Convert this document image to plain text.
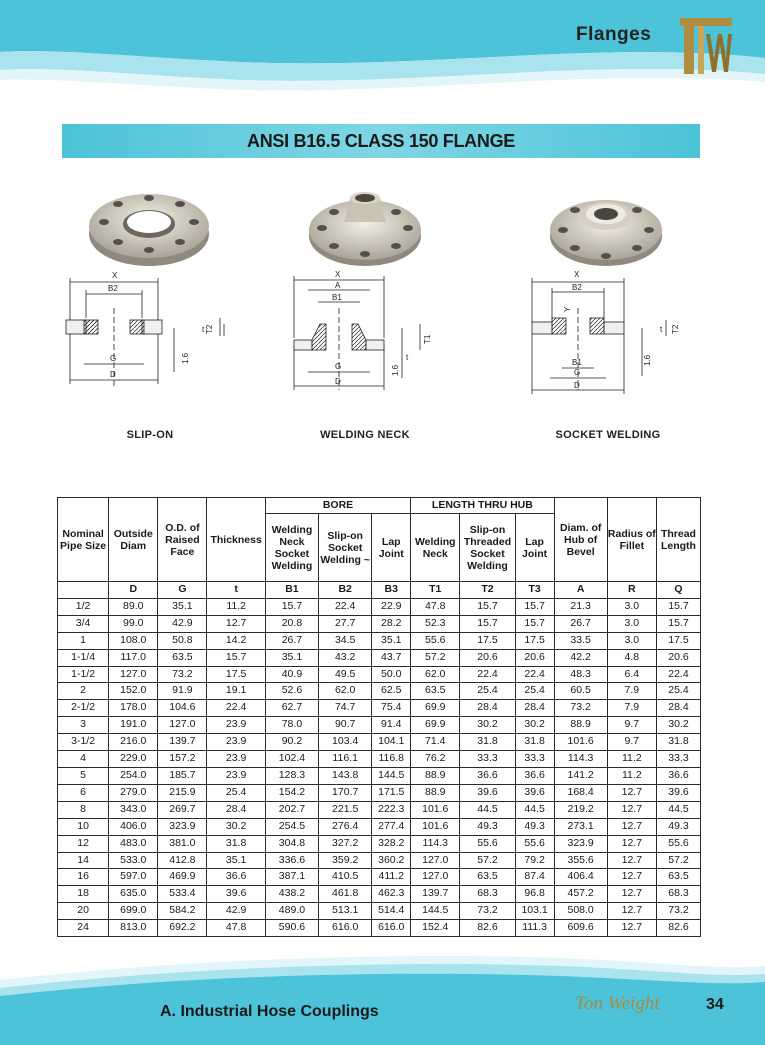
Flanges
ANSI B16.5 CLASS 150 FLANGE
X
B2
G
D
t T2
1.6
X
A
B1
G
D
t
T1
1.6
X
B2
Y
B1
G
D
t T2
1.6
SLIP-ON	WELDING NECK	SOCKET WELDING
Nominal Pipe Size	Outside Diam	O.D. of Raised Face	Thickness	BORE			LENGTH THRU HUB			Diam. of Hub of Bevel	Radius of Fillet	Thread Length
				Welding Neck Socket Welding	Slip-on Socket Welding ~	Lap Joint	Welding Neck	Slip-on Threaded Socket Welding	Lap Joint			
	D	G	t	B1	B2	B3	T1	T2	T3	A	R	Q
1/2	89.0	35.1	11.2	15.7	22.4	22.9	47.8	15.7	15.7	21.3	3.0	15.7
3/4	99.0	42.9	12.7	20.8	27.7	28.2	52.3	15.7	15.7	26.7	3.0	15.7
1	108.0	50.8	14.2	26.7	34.5	35.1	55.6	17.5	17.5	33.5	3.0	17.5
1-1/4	117.0	63.5	15.7	35.1	43.2	43.7	57.2	20.6	20.6	42.2	4.8	20.6
1-1/2	127.0	73.2	17.5	40.9	49.5	50.0	62.0	22.4	22.4	48.3	6.4	22.4
2	152.0	91.9	19.1	52.6	62.0	62.5	63.5	25.4	25.4	60.5	7.9	25.4
2-1/2	178.0	104.6	22.4	62.7	74.7	75.4	69.9	28.4	28.4	73.2	7.9	28.4
3	191.0	127.0	23.9	78.0	90.7	91.4	69.9	30.2	30.2	88.9	9.7	30.2
3-1/2	216.0	139.7	23.9	90.2	103.4	104.1	71.4	31.8	31.8	101.6	9.7	31.8
4	229.0	157.2	23.9	102.4	116.1	116.8	76.2	33.3	33.3	114.3	11.2	33.3
5	254.0	185.7	23.9	128.3	143.8	144.5	88.9	36.6	36.6	141.2	11.2	36.6
6	279.0	215.9	25.4	154.2	170.7	171.5	88.9	39.6	39.6	168.4	12.7	39.6
8	343.0	269.7	28.4	202.7	221.5	222.3	101.6	44.5	44.5	219.2	12.7	44.5
10	406.0	323.9	30.2	254.5	276.4	277.4	101.6	49.3	49.3	273.1	12.7	49.3
12	483.0	381.0	31.8	304.8	327.2	328.2	114.3	55.6	55.6	323.9	12.7	55.6
14	533.0	412.8	35.1	336.6	359.2	360.2	127.0	57.2	79.2	355.6	12.7	57.2
16	597.0	469.9	36.6	387.1	410.5	411.2	127.0	63.5	87.4	406.4	12.7	63.5
18	635.0	533.4	39.6	438.2	461.8	462.3	139.7	68.3	96.8	457.2	12.7	68.3
20	699.0	584.2	42.9	489.0	513.1	514.4	144.5	73.2	103.1	508.0	12.7	73.2
24	813.0	692.2	47.8	590.6	616.0	616.0	152.4	82.6	111.3	609.6	12.7	82.6
A. Industrial Hose Couplings	Ton Weight	34
